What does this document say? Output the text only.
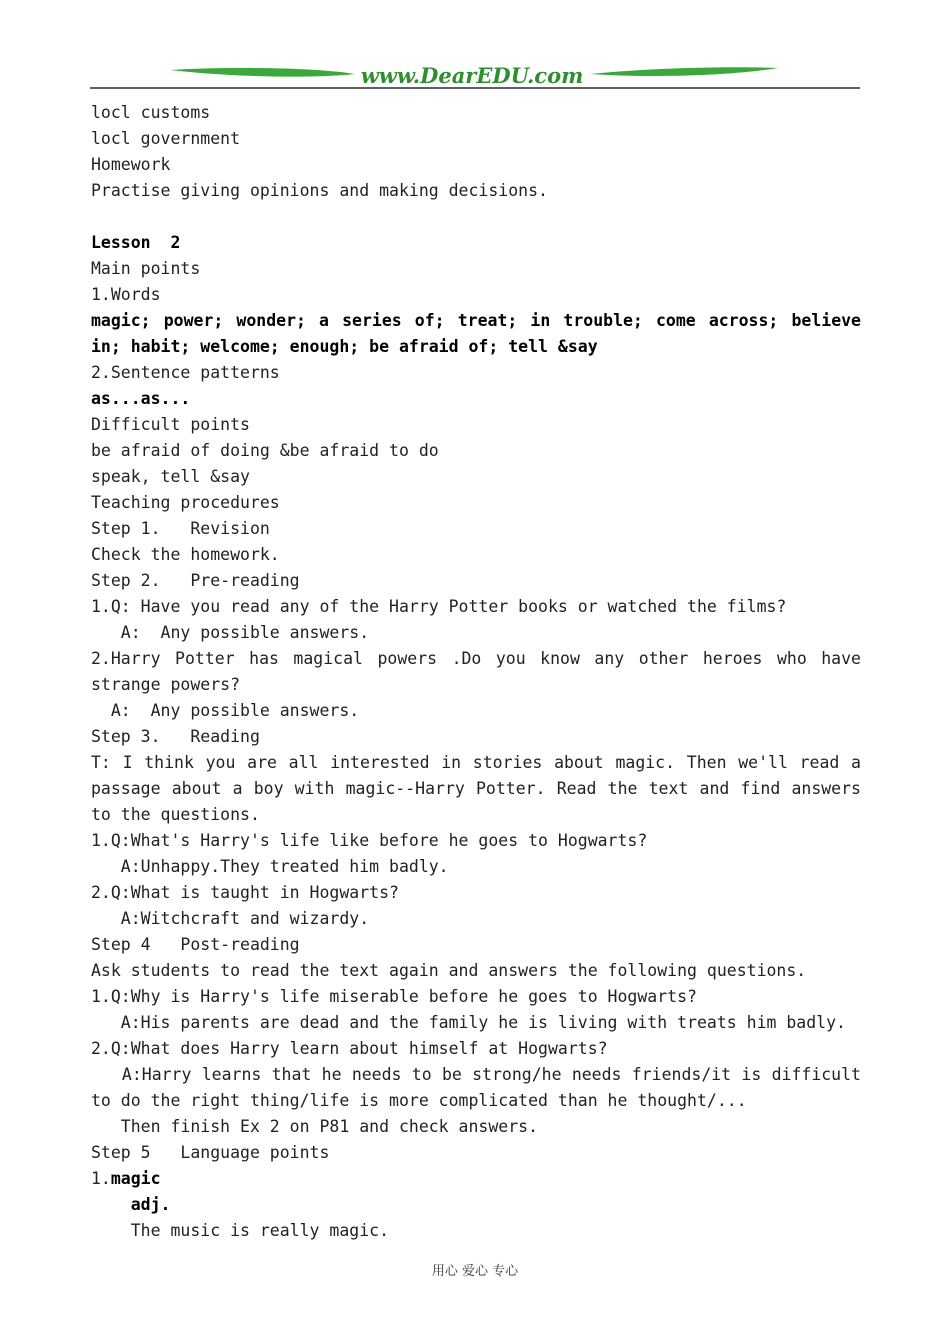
www.DearEDU.com
locl customs
locl government
Homework
Practise giving opinions and making decisions.
Lesson  2
Main points
1.Words
magic; power; wonder; a series of; treat; in trouble; come across; believe in; habit; welcome; enough; be afraid of; tell &say
2.Sentence patterns
as...as...
Difficult points
be afraid of doing &be afraid to do
speak, tell &say
Teaching procedures
Step 1.   Revision
Check the homework.
Step 2.   Pre-reading
1.Q: Have you read any of the Harry Potter books or watched the films?
A:  Any possible answers.
2.Harry Potter has magical powers .Do you know any other heroes who have strange powers?
A:  Any possible answers.
Step 3.   Reading
T: I think you are all interested in stories about magic. Then we'll read a passage about a boy with magic--Harry Potter. Read the text and find answers to the questions.
1.Q:What's Harry's life like before he goes to Hogwarts?
A:Unhappy.They treated him badly.
2.Q:What is taught in Hogwarts?
A:Witchcraft and wizardy.
Step 4   Post-reading
Ask students to read the text again and answers the following questions.
1.Q:Why is Harry's life miserable before he goes to Hogwarts?
A:His parents are dead and the family he is living with treats him badly.
2.Q:What does Harry learn about himself at Hogwarts?
A:Harry learns that he needs to be strong/he needs friends/it is difficult to do the right thing/life is more complicated than he thought/...
Then finish Ex 2 on P81 and check answers.
Step 5   Language points
1.magic
adj.
The music is really magic.
用心 爱心 专心
